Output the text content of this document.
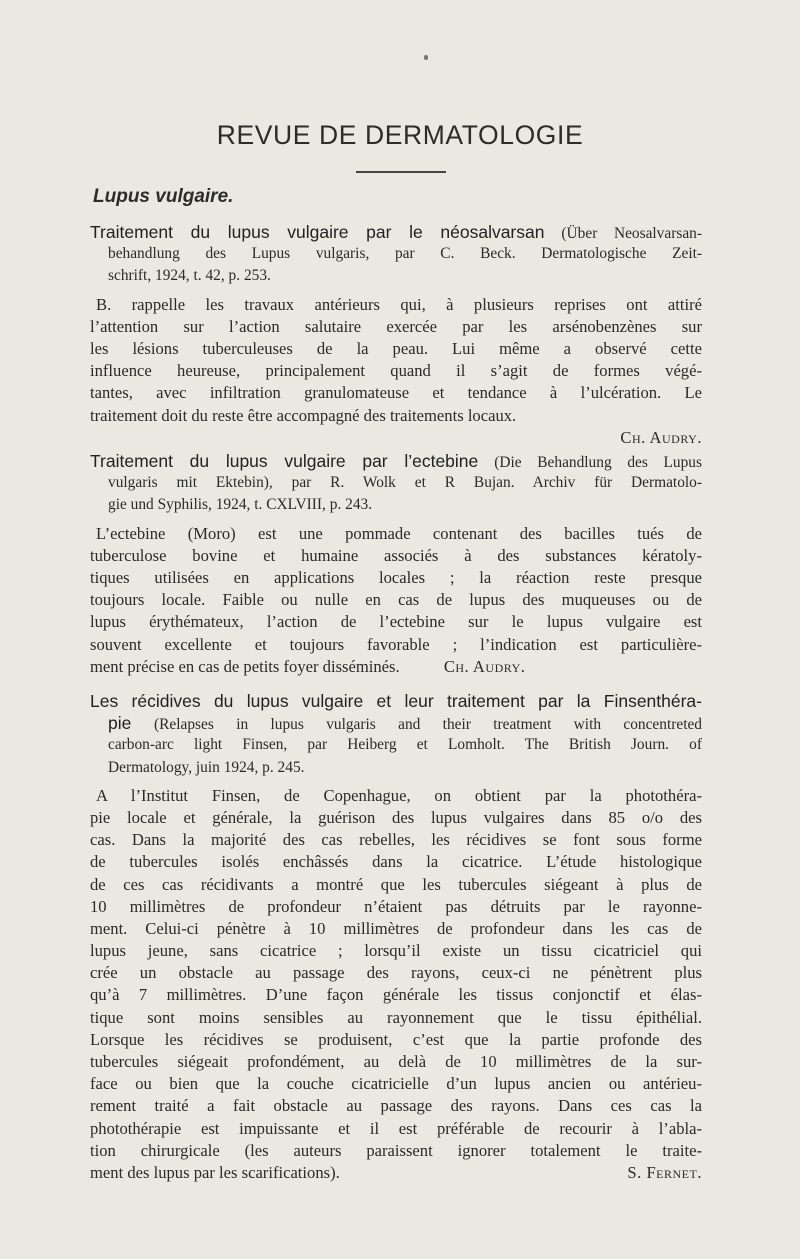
REVUE DE DERMATOLOGIE
Lupus vulgaire.
Traitement du lupus vulgaire par le néosalvarsan (Über Neosalvarsan-
behandlung des Lupus vulgaris, par C. Beck. Dermatologische Zeit-
schrift, 1924, t. 42, p. 253.
B. rappelle les travaux antérieurs qui, à plusieurs reprises ont attiré
l’attention sur l’action salutaire exercée par les arsénobenzènes sur
les lésions tuberculeuses de la peau. Lui même a observé cette
influence heureuse, principalement quand il s’agit de formes végé-
tantes, avec infiltration granulomateuse et tendance à l’ulcération. Le
traitement doit du reste être accompagné des traitements locaux.
Ch. Audry.
Traitement du lupus vulgaire par l’ectebine (Die Behandlung des Lupus
vulgaris mit Ektebin), par R. Wolk et R Bujan. Archiv für Dermatolo-
gie und Syphilis, 1924, t. CXLVIII, p. 243.
L’ectebine (Moro) est une pommade contenant des bacilles tués de
tuberculose bovine et humaine associés à des substances kératoly-
tiques utilisées en applications locales ; la réaction reste presque
toujours locale. Faible ou nulle en cas de lupus des muqueuses ou de
lupus érythémateux, l’action de l’ectebine sur le lupus vulgaire est
souvent excellente et toujours favorable ; l’indication est particulière-
ment précise en cas de petits foyer disséminés.	Ch. Audry.
Les récidives du lupus vulgaire et leur traitement par la Finsenthéra-
pie (Relapses in lupus vulgaris and their treatment with concentreted
carbon-arc light Finsen, par Heiberg et Lomholt. The British Journ. of
Dermatology, juin 1924, p. 245.
A l’Institut Finsen, de Copenhague, on obtient par la photothéra-
pie locale et générale, la guérison des lupus vulgaires dans 85 o/o des
cas. Dans la majorité des cas rebelles, les récidives se font sous forme
de tubercules isolés enchâssés dans la cicatrice. L’étude histologique
de ces cas récidivants a montré que les tubercules siégeant à plus de
10 millimètres de profondeur n’étaient pas détruits par le rayonne-
ment. Celui-ci pénètre à 10 millimètres de profondeur dans les cas de
lupus jeune, sans cicatrice ; lorsqu’il existe un tissu cicatriciel qui
crée un obstacle au passage des rayons, ceux-ci ne pénètrent plus
qu’à 7 millimètres. D’une façon générale les tissus conjonctif et élas-
tique sont moins sensibles au rayonnement que le tissu épithélial.
Lorsque les récidives se produisent, c’est que la partie profonde des
tubercules siégeait profondément, au delà de 10 millimètres de la sur-
face ou bien que la couche cicatricielle d’un lupus ancien ou antérieu-
rement traité a fait obstacle au passage des rayons. Dans ces cas la
photothérapie est impuissante et il est préférable de recourir à l’abla-
tion chirurgicale (les auteurs paraissent ignorer totalement le traite-
ment des lupus par les scarifications).	S. Fernet.
